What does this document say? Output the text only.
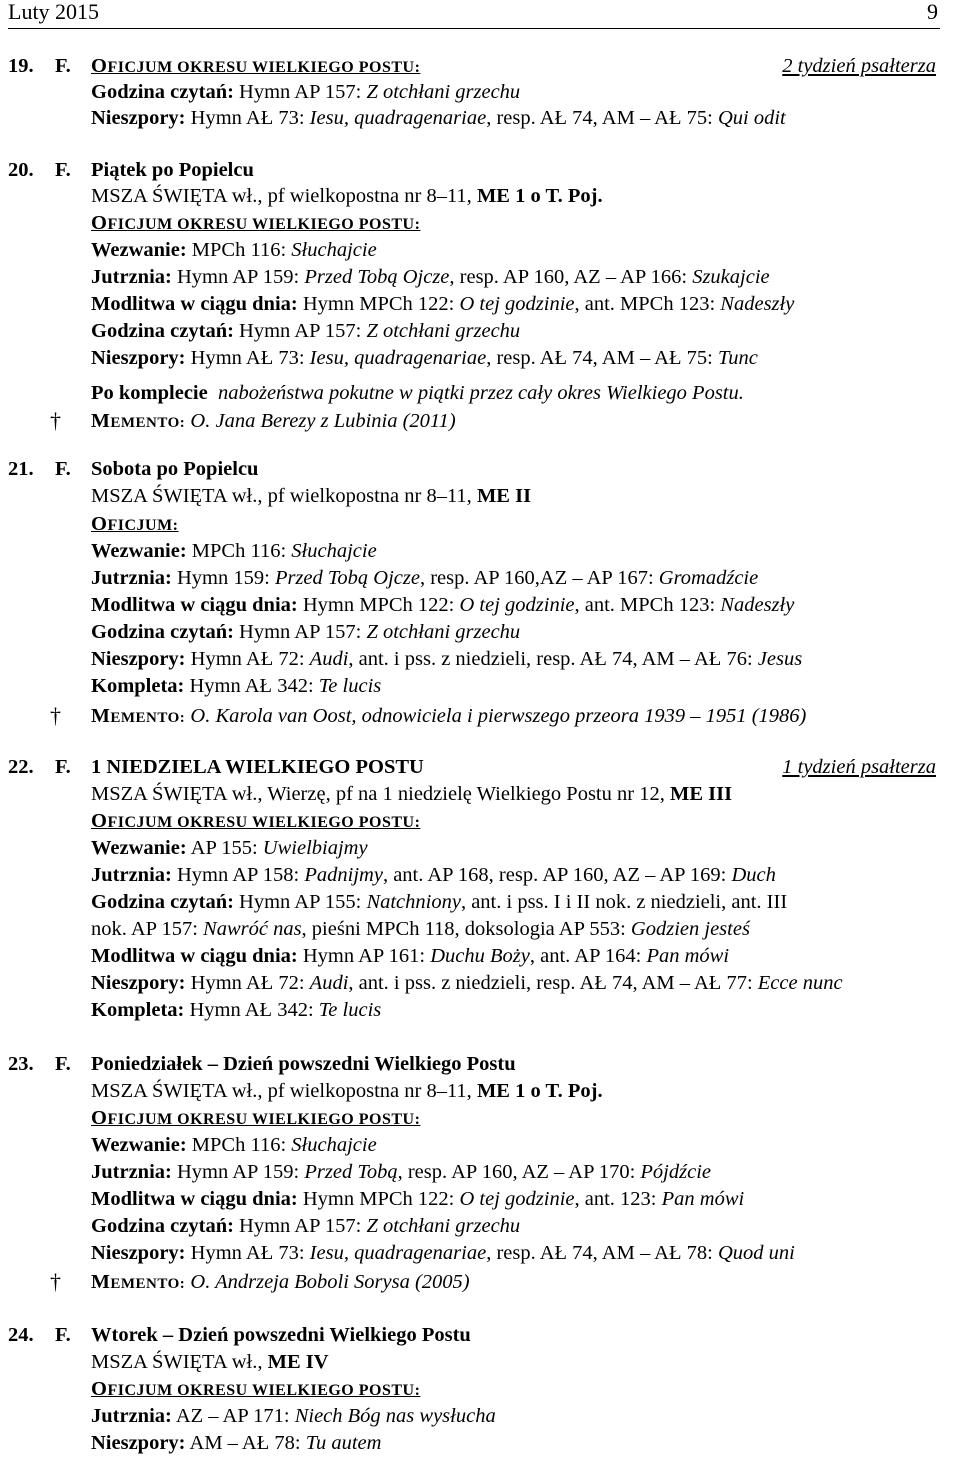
Luty 2015	9
19. F. OFICJUM OKRESU WIELKIEGO POSTU:	2 tydzień psałterza
Godzina czytań: Hymn AP 157: Z otchłani grzechu
Nieszpory: Hymn AŁ 73: Iesu, quadragenariae, resp. AŁ 74, AM – AŁ 75: Qui odit
20. F. Piątek po Popielcu
MSZA ŚWIĘTA wł., pf wielkopostna nr 8–11, ME 1 o T. Poj.
OFICJUM OKRESU WIELKIEGO POSTU:
Wezwanie: MPCh 116: Słuchajcie
Jutrznia: Hymn AP 159: Przed Tobą Ojcze, resp. AP 160, AZ – AP 166: Szukajcie
Modlitwa w ciągu dnia: Hymn MPCh 122: O tej godzinie, ant. MPCh 123: Nadeszły
Godzina czytań: Hymn AP 157: Z otchłani grzechu
Nieszpory: Hymn AŁ 73: Iesu, quadragenariae, resp. AŁ 74, AM – AŁ 75: Tunc
Po komplecie nabożeństwa pokutne w piątki przez cały okres Wielkiego Postu.
† MEMENTO: O. Jana Berezy z Lubinia (2011)
21. F. Sobota po Popielcu
MSZA ŚWIĘTA wł., pf wielkopostna nr 8–11, ME II
OFICJUM:
Wezwanie: MPCh 116: Słuchajcie
Jutrznia: Hymn 159: Przed Tobą Ojcze, resp. AP 160,AZ – AP 167: Gromadźcie
Modlitwa w ciągu dnia: Hymn MPCh 122: O tej godzinie, ant. MPCh 123: Nadeszły
Godzina czytań: Hymn AP 157: Z otchłani grzechu
Nieszpory: Hymn AŁ 72: Audi, ant. i pss. z niedzieli, resp. AŁ 74, AM – AŁ 76: Jesus
Kompleta: Hymn AŁ 342: Te lucis
† MEMENTO: O. Karola van Oost, odnowiciela i pierwszego przeora 1939 – 1951 (1986)
22. F. 1 NIEDZIELA WIELKIEGO POSTU	1 tydzień psałterza
MSZA ŚWIĘTA wł., Wierzę, pf na 1 niedzielę Wielkiego Postu nr 12, ME III
OFICJUM OKRESU WIELKIEGO POSTU:
Wezwanie: AP 155: Uwielbiajmy
Jutrznia: Hymn AP 158: Padnijmy, ant. AP 168, resp. AP 160, AZ – AP 169: Duch
Godzina czytań: Hymn AP 155: Natchniony, ant. i pss. I i II nok. z niedzieli, ant. III
nok. AP 157: Nawróć nas, pieśni MPCh 118, doksologia AP 553: Godzien jesteś
Modlitwa w ciągu dnia: Hymn AP 161: Duchu Boży, ant. AP 164: Pan mówi
Nieszpory: Hymn AŁ 72: Audi, ant. i pss. z niedzieli, resp. AŁ 74, AM – AŁ 77: Ecce nunc
Kompleta: Hymn AŁ 342: Te lucis
23. F. Poniedziałek – Dzień powszedni Wielkiego Postu
MSZA ŚWIĘTA wł., pf wielkopostna nr 8–11, ME 1 o T. Poj.
OFICJUM OKRESU WIELKIEGO POSTU:
Wezwanie: MPCh 116: Słuchajcie
Jutrznia: Hymn AP 159: Przed Tobą, resp. AP 160, AZ – AP 170: Pójdźcie
Modlitwa w ciągu dnia: Hymn MPCh 122: O tej godzinie, ant. 123: Pan mówi
Godzina czytań: Hymn AP 157: Z otchłani grzechu
Nieszpory: Hymn AŁ 73: Iesu, quadragenariae, resp. AŁ 74, AM – AŁ 78: Quod uni
† MEMENTO: O. Andrzeja Boboli Sorysa (2005)
24. F. Wtorek – Dzień powszedni Wielkiego Postu
MSZA ŚWIĘTA wł., ME IV
OFICJUM OKRESU WIELKIEGO POSTU:
Jutrznia: AZ – AP 171: Niech Bóg nas wysłucha
Nieszpory: AM – AŁ 78: Tu autem
